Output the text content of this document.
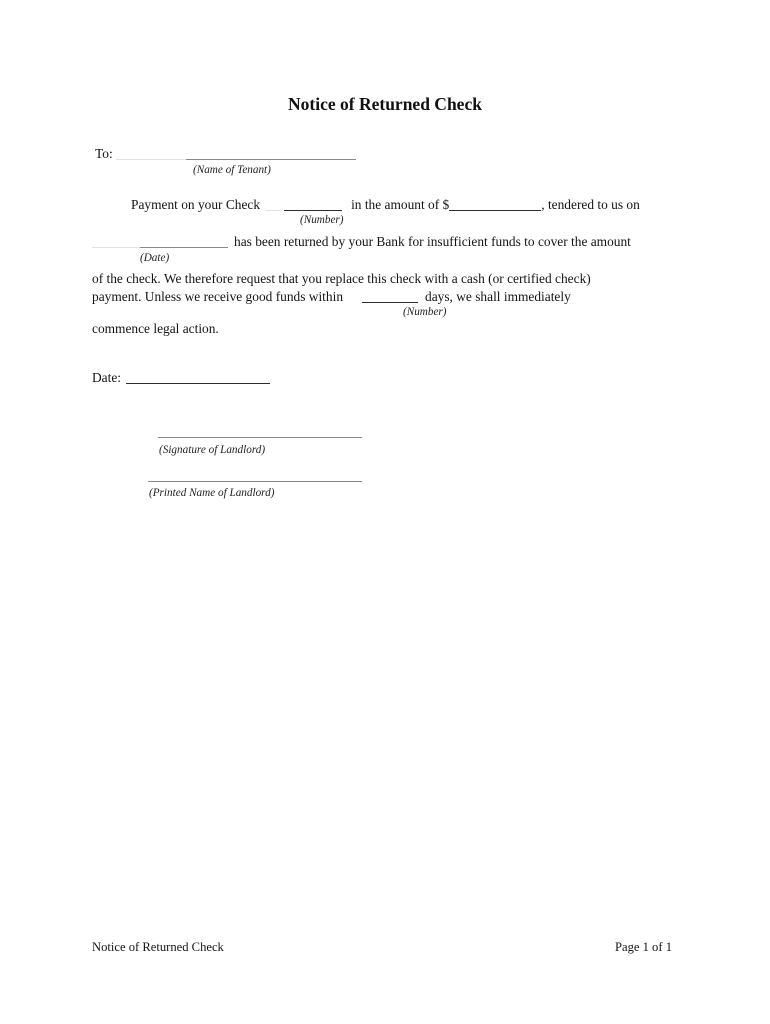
Notice of Returned Check
To:
(Name of Tenant)
Payment on your Check	in the amount of $	, tendered to us on
(Number)
has been returned by your Bank for insufficient funds to cover the amount
(Date)
of the check. We therefore request that you replace this check with a cash (or certified check)
payment. Unless we receive good funds within	days, we shall immediately
(Number)
commence legal action.
Date:
(Signature of Landlord)
(Printed Name of Landlord)
Notice of Returned Check	Page 1 of 1
